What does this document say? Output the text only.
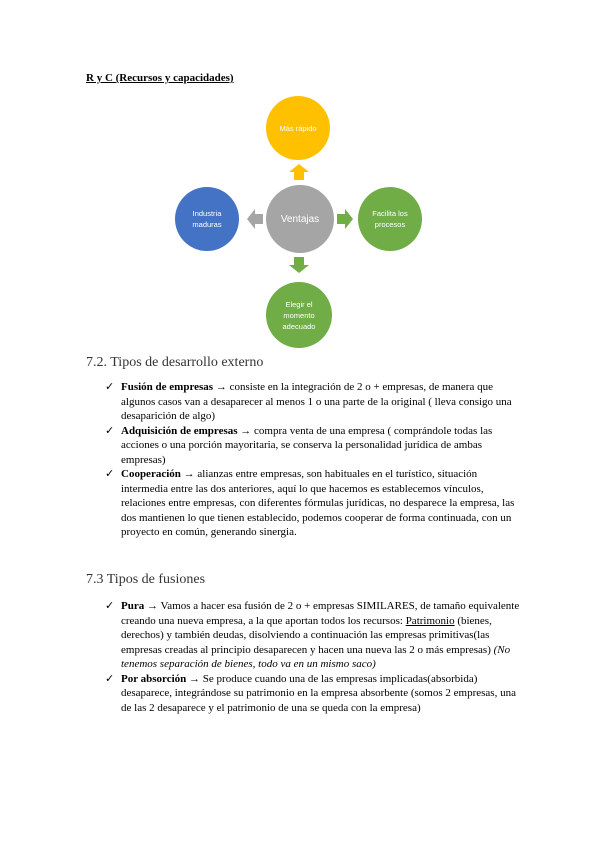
R y C (Recursos y capacidades)
Ventajas
Más rápido
Facilita los procesos
Elegir el momento adecuado
Industria maduras
7.2. Tipos de desarrollo externo
✓ Fusión de empresas → consiste en la integración de 2 o + empresas, de manera que algunos casos van a desaparecer al menos 1 o una parte de la original ( lleva consigo una desaparición de algo)
✓ Adquisición de empresas → compra venta de una empresa ( comprándole todas las acciones o una porción mayoritaria, se conserva la personalidad jurídica de ambas empresas)
✓ Cooperación → alianzas entre empresas, son habituales en el turístico, situación intermedia entre las dos anteriores, aquí lo que hacemos es establecemos vínculos, relaciones entre empresas, con diferentes fórmulas jurídicas, no desparece la empresa, las dos mantienen lo que tienen establecido, podemos cooperar de forma continuada, con un proyecto en común, generando sinergia.
7.3 Tipos de fusiones
✓ Pura → Vamos a hacer esa fusión de 2 o + empresas SIMILARES, de tamaño equivalente creando una nueva empresa, a la que aportan todos los recursos: Patrimonio (bienes, derechos) y también deudas, disolviendo a continuación las empresas primitivas(las empresas creadas al principio desaparecen y hacen una nueva las 2 o más empresas) (No tenemos separación de bienes, todo va en un mismo saco)
✓ Por absorción → Se produce cuando una de las empresas implicadas(absorbida) desaparece, integrándose su patrimonio en la empresa absorbente (somos 2 empresas, una de las 2 desaparece y el patrimonio de una se queda con la empresa)
